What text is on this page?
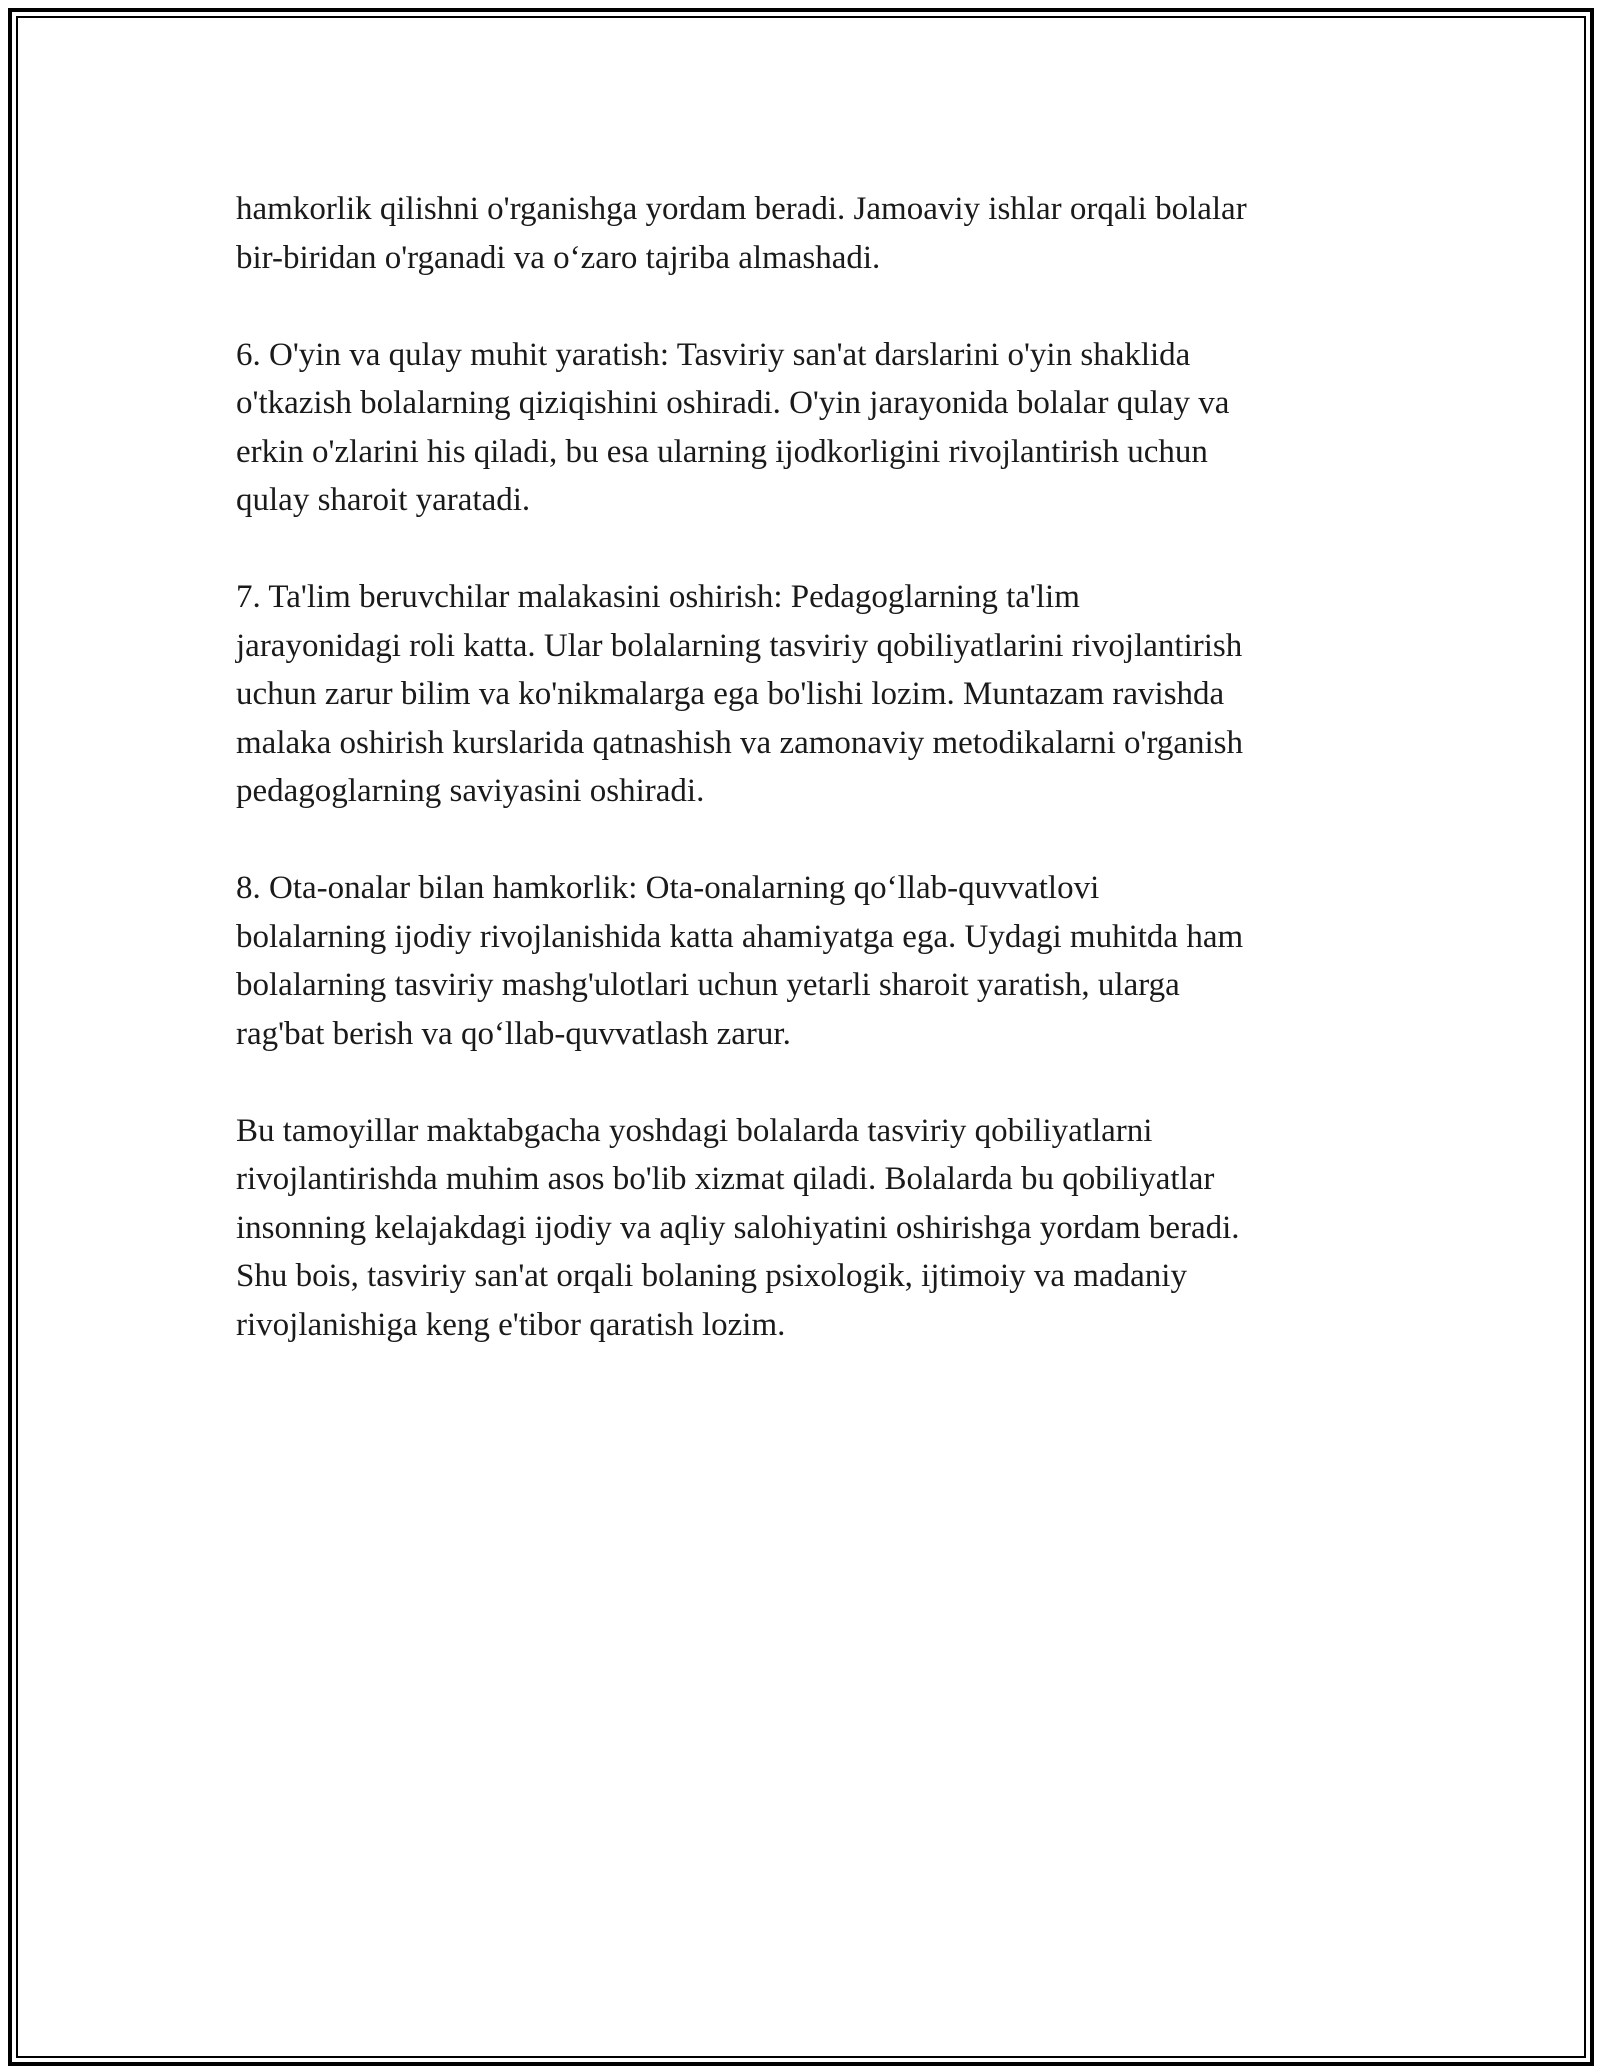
hamkorlik qilishni o'rganishga yordam beradi. Jamoaviy ishlar orqali bolalar
bir-biridan o'rganadi va o‘zaro tajriba almashadi.

6. O'yin va qulay muhit yaratish: Tasviriy san'at darslarini o'yin shaklida
o'tkazish bolalarning qiziqishini oshiradi. O'yin jarayonida bolalar qulay va
erkin o'zlarini his qiladi, bu esa ularning ijodkorligini rivojlantirish uchun
qulay sharoit yaratadi.

7. Ta'lim beruvchilar malakasini oshirish: Pedagoglarning ta'lim
jarayonidagi roli katta. Ular bolalarning tasviriy qobiliyatlarini rivojlantirish
uchun zarur bilim va ko'nikmalarga ega bo'lishi lozim. Muntazam ravishda
malaka oshirish kurslarida qatnashish va zamonaviy metodikalarni o'rganish
pedagoglarning saviyasini oshiradi.

8. Ota-onalar bilan hamkorlik: Ota-onalarning qo‘llab-quvvatlovi
bolalarning ijodiy rivojlanishida katta ahamiyatga ega. Uydagi muhitda ham
bolalarning tasviriy mashg'ulotlari uchun yetarli sharoit yaratish, ularga
rag'bat berish va qo‘llab-quvvatlash zarur.

Bu tamoyillar maktabgacha yoshdagi bolalarda tasviriy qobiliyatlarni
rivojlantirishda muhim asos bo'lib xizmat qiladi. Bolalarda bu qobiliyatlar
insonning kelajakdagi ijodiy va aqliy salohiyatini oshirishga yordam beradi.
Shu bois, tasviriy san'at orqali bolaning psixologik, ijtimoiy va madaniy
rivojlanishiga keng e'tibor qaratish lozim.
